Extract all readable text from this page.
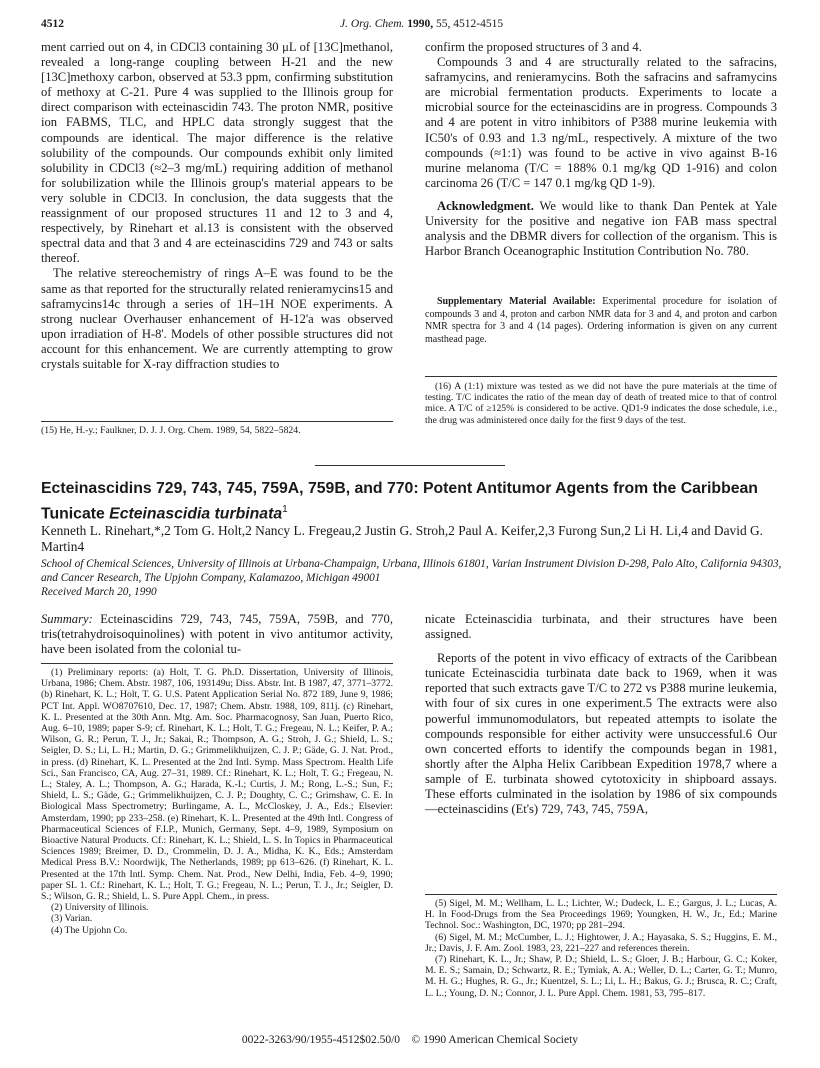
4512	J. Org. Chem. 1990, 55, 4512-4515

ment carried out on 4, in CDCl3 containing 30 μL of [13C]methanol, revealed a long-range coupling between H-21 and the new [13C]methoxy carbon, observed at 53.3 ppm, confirming substitution of methoxy at C-21. Pure 4 was supplied to the Illinois group for direct comparison with ecteinascidin 743. The proton NMR, positive ion FABMS, TLC, and HPLC data strongly suggest that the compounds are identical. The major difference is the relative solubility of the compounds. Our compounds exhibit only limited solubility in CDCl3 (≈2–3 mg/mL) requiring addition of methanol for solubilization while the Illinois group's material appears to be very soluble in CDCl3. In conclusion, the data suggests that the reassignment of our proposed structures 11 and 12 to 3 and 4, respectively, by Rinehart et al.13 is consistent with the observed spectral data and that 3 and 4 are ecteinascidins 729 and 743 or salts thereof.

The relative stereochemistry of rings A–E was found to be the same as that reported for the structurally related renieramycins15 and saframycins14c through a series of 1H–1H NOE experiments. A strong nuclear Overhauser enhancement of H-12'a was observed upon irradiation of H-8'. Models of other possible structures did not account for this enhancement. We are currently attempting to grow crystals suitable for X-ray diffraction studies to

(15) He, H.-y.; Faulkner, D. J. J. Org. Chem. 1989, 54, 5822–5824.

confirm the proposed structures of 3 and 4.

Compounds 3 and 4 are structurally related to the safracins, saframycins, and renieramycins. Both the safracins and saframycins are microbial fermentation products. Experiments to locate a microbial source for the ecteinascidins are in progress. Compounds 3 and 4 are potent in vitro inhibitors of P388 murine leukemia with IC50's of 0.93 and 1.3 ng/mL, respectively. A mixture of the two compounds (≈1:1) was found to be active in vivo against B-16 murine melanoma (T/C = 188% 0.1 mg/kg QD 1-916) and colon carcinoma 26 (T/C = 147 0.1 mg/kg QD 1-9).

Acknowledgment. We would like to thank Dan Pentek at Yale University for the positive and negative ion FAB mass spectral analysis and the DBMR divers for collection of the organism. This is Harbor Branch Oceanographic Institution Contribution No. 780.

Supplementary Material Available: Experimental procedure for isolation of compounds 3 and 4, proton and carbon NMR data for 3 and 4, and proton and carbon NMR spectra for 3 and 4 (14 pages). Ordering information is given on any current masthead page.
(16) A (1:1) mixture was tested as we did not have the pure materials at the time of testing. T/C indicates the ratio of the mean day of death of treated mice to that of control mice. A T/C of ≥125% is considered to be active. QD1-9 indicates the dose schedule, i.e., the drug was administered once daily for the first 9 days of the test.
Ecteinascidins 729, 743, 745, 759A, 759B, and 770: Potent Antitumor Agents from the Caribbean Tunicate Ecteinascidia turbinata$^1$
Kenneth L. Rinehart,*,2 Tom G. Holt,2 Nancy L. Fregeau,2 Justin G. Stroh,2 Paul A. Keifer,2,3 Furong Sun,2 Li H. Li,4 and David G. Martin4
School of Chemical Sciences, University of Illinois at Urbana-Champaign, Urbana, Illinois 61801, Varian Instrument Division D-298, Palo Alto, California 94303, and Cancer Research, The Upjohn Company, Kalamazoo, Michigan 49001
Received March 20, 1990

Summary: Ecteinascidins 729, 743, 745, 759A, 759B, and 770, tris(tetrahydroisoquinolines) with potent in vivo antitumor activity, have been isolated from the colonial tu-

(1) Preliminary reports: (a) Holt, T. G. Ph.D. Dissertation, University of Illinois, Urbana, 1986; Chem. Abstr. 1987, 106, 193149u; Diss. Abstr. Int. B 1987, 47, 3771–3772. (b) Rinehart, K. L.; Holt, T. G. U.S. Patent Application Serial No. 872 189, June 9, 1986; PCT Int. Appl. WO8707610, Dec. 17, 1987; Chem. Abstr. 1988, 109, 811j. (c) Rinehart, K. L. Presented at the 30th Ann. Mtg. Am. Soc. Pharmacognosy, San Juan, Puerto Rico, Aug. 6–10, 1989; paper S-9; cf. Rinehart, K. L.; Holt, T. G.; Fregeau, N. L.; Keifer, P. A.; Wilson, G. R.; Perun, T. J., Jr.; Sakai, R.; Thompson, A. G.; Stroh, J. G.; Shield, L. S.; Seigler, D. S.; Li, L. H.; Martin, D. G.; Grimmelikhuijzen, C. J. P.; Gäde, G. J. Nat. Prod., in press. (d) Rinehart, K. L. Presented at the 2nd Intl. Symp. Mass Spectrom. Health Life Sci., San Francisco, CA, Aug. 27–31, 1989. Cf.: Rinehart, K. L.; Holt, T. G.; Fregeau, N. L.; Staley, A. L.; Thompson, A. G.; Harada, K.-I.; Curtis, J. M.; Rong, L.-S.; Sun, F.; Shield, L. S.; Gäde, G.; Grimmelikhuijzen, C. J. P.; Doughty, C. C.; Grimshaw, C. E. In Biological Mass Spectrometry; Burlingame, A. L., McCloskey, J. A., Eds.; Elsevier: Amsterdam, 1990; pp 233–258. (e) Rinehart, K. L. Presented at the 49th Intl. Congress of Pharmaceutical Sciences of F.I.P., Munich, Germany, Sept. 4–9, 1989, Symposium on Bioactive Natural Products. Cf.: Rinehart, K. L.; Shield, L. S. In Topics in Pharmaceutical Sciences 1989; Breimer, D. D., Crommelin, D. J. A., Midha, K. K., Eds.; Amsterdam Medical Press B.V.: Noordwijk, The Netherlands, 1989; pp 613–626. (f) Rinehart, K. L. Presented at the 17th Intl. Symp. Chem. Nat. Prod., New Delhi, India, Feb. 4–9, 1990; paper SL 1. Cf.: Rinehart, K. L.; Holt, T. G.; Fregeau, N. L.; Perun, T. J., Jr.; Seigler, D. S.; Wilson, G. R.; Shield, L. S. Pure Appl. Chem., in press.

(2) University of Illinois.

(3) Varian.

(4) The Upjohn Co.

nicate Ecteinascidia turbinata, and their structures have been assigned.

Reports of the potent in vivo efficacy of extracts of the Caribbean tunicate Ecteinascidia turbinata date back to 1969, when it was reported that such extracts gave T/C to 272 vs P388 murine leukemia, with four of six cures in one experiment.5 The extracts were also powerful immunomodulators, but repeated attempts to isolate the compounds responsible for either activity were unsuccessful.6 Our own concerted efforts to identify the compounds began in 1981, shortly after the Alpha Helix Caribbean Expedition 1978,7 where a sample of E. turbinata showed cytotoxicity in shipboard assays. These efforts culminated in the isolation by 1986 of six compounds—ecteinascidins (Et's) 729, 743, 745, 759A,

(5) Sigel, M. M.; Wellham, L. L.; Lichter, W.; Dudeck, L. E.; Gargus, J. L.; Lucas, A. H. In Food-Drugs from the Sea Proceedings 1969; Youngken, H. W., Jr., Ed.; Marine Technol. Soc.: Washington, DC, 1970; pp 281–294.

(6) Sigel, M. M.; McCumber, L. J.; Hightower, J. A.; Hayasaka, S. S.; Huggins, E. M., Jr.; Davis, J. F. Am. Zool. 1983, 23, 221–227 and references therein.

(7) Rinehart, K. L., Jr.; Shaw, P. D.; Shield, L. S.; Gloer, J. B.; Harbour, G. C.; Koker, M. E. S.; Samain, D.; Schwartz, R. E.; Tymiak, A. A.; Weller, D. L.; Carter, G. T.; Munro, M. H. G.; Hughes, R. G., Jr.; Kuentzel, S. L.; Li, L. H.; Bakus, G. J.; Brusca, R. C.; Craft, L. L.; Young, D. N.; Connor, J. L. Pure Appl. Chem. 1981, 53, 795–817.

0022-3263/90/1955-4512$02.50/0 © 1990 American Chemical Society
